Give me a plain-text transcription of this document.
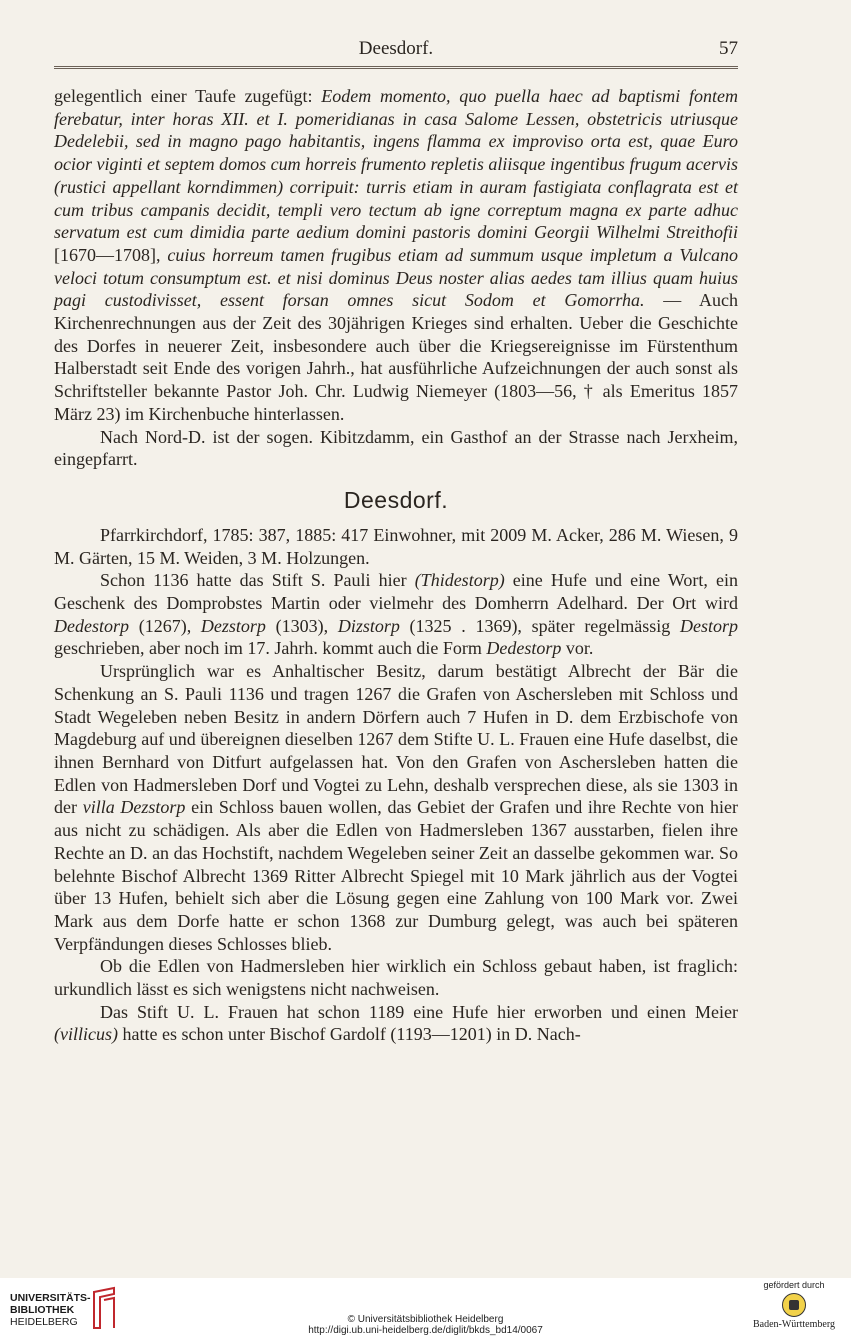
Deesdorf.	57

gelegentlich einer Taufe zugefügt: Eodem momento, quo puella haec ad baptismi fontem ferebatur, inter horas XII. et I. pomeridianas in casa Salome Lessen, obstetricis utriusque Dedelebii, sed in magno pago habitantis, ingens flamma ex improviso orta est, quae Euro ocior viginti et septem domos cum horreis frumento repletis aliisque ingentibus frugum acervis (rustici appellant korndimmen) corripuit: turris etiam in auram fastigiata conflagrata est et cum tribus campanis decidit, templi vero tectum ab igne correptum magna ex parte adhuc servatum est cum dimidia parte aedium domini pastoris domini Georgii Wilhelmi Streithofii [1670—1708], cuius horreum tamen frugibus etiam ad summum usque impletum a Vulcano veloci totum consumptum est. et nisi dominus Deus noster alias aedes tam illius quam huius pagi custodivisset, essent forsan omnes sicut Sodom et Gomorrha. — Auch Kirchenrechnungen aus der Zeit des 30jährigen Krieges sind erhalten. Ueber die Geschichte des Dorfes in neuerer Zeit, insbesondere auch über die Kriegsereignisse im Fürstenthum Halberstadt seit Ende des vorigen Jahrh., hat ausführliche Aufzeichnungen der auch sonst als Schriftsteller bekannte Pastor Joh. Chr. Ludwig Niemeyer (1803—56, † als Emeritus 1857 März 23) im Kirchenbuche hinterlassen.

Nach Nord-D. ist der sogen. Kibitzdamm, ein Gasthof an der Strasse nach Jerxheim, eingepfarrt.

Deesdorf.

Pfarrkirchdorf, 1785: 387, 1885: 417 Einwohner, mit 2009 M. Acker, 286 M. Wiesen, 9 M. Gärten, 15 M. Weiden, 3 M. Holzungen.

Schon 1136 hatte das Stift S. Pauli hier (Thidestorp) eine Hufe und eine Wort, ein Geschenk des Domprobstes Martin oder vielmehr des Domherrn Adelhard. Der Ort wird Dedestorp (1267), Dezstorp (1303), Dizstorp (1325 . 1369), später regelmässig Destorp geschrieben, aber noch im 17. Jahrh. kommt auch die Form Dedestorp vor.

Ursprünglich war es Anhaltischer Besitz, darum bestätigt Albrecht der Bär die Schenkung an S. Pauli 1136 und tragen 1267 die Grafen von Aschersleben mit Schloss und Stadt Wegeleben neben Besitz in andern Dörfern auch 7 Hufen in D. dem Erzbischofe von Magdeburg auf und übereignen dieselben 1267 dem Stifte U. L. Frauen eine Hufe daselbst, die ihnen Bernhard von Ditfurt aufgelassen hat. Von den Grafen von Aschersleben hatten die Edlen von Hadmersleben Dorf und Vogtei zu Lehn, deshalb versprechen diese, als sie 1303 in der villa Dezstorp ein Schloss bauen wollen, das Gebiet der Grafen und ihre Rechte von hier aus nicht zu schädigen. Als aber die Edlen von Hadmersleben 1367 ausstarben, fielen ihre Rechte an D. an das Hochstift, nachdem Wegeleben seiner Zeit an dasselbe gekommen war. So belehnte Bischof Albrecht 1369 Ritter Albrecht Spiegel mit 10 Mark jährlich aus der Vogtei über 13 Hufen, behielt sich aber die Lösung gegen eine Zahlung von 100 Mark vor. Zwei Mark aus dem Dorfe hatte er schon 1368 zur Dumburg gelegt, was auch bei späteren Verpfändungen dieses Schlosses blieb.

Ob die Edlen von Hadmersleben hier wirklich ein Schloss gebaut haben, ist fraglich: urkundlich lässt es sich wenigstens nicht nachweisen.

Das Stift U. L. Frauen hat schon 1189 eine Hufe hier erworben und einen Meier (villicus) hatte es schon unter Bischof Gardolf (1193—1201) in D. Nach-

UNIVERSITÄTS-
BIBLIOTHEK
HEIDELBERG	© Universitätsbibliothek Heidelberg
http://digi.ub.uni-heidelberg.de/diglit/bkds_bd14/0067
gefördert durch
Baden-Württemberg
